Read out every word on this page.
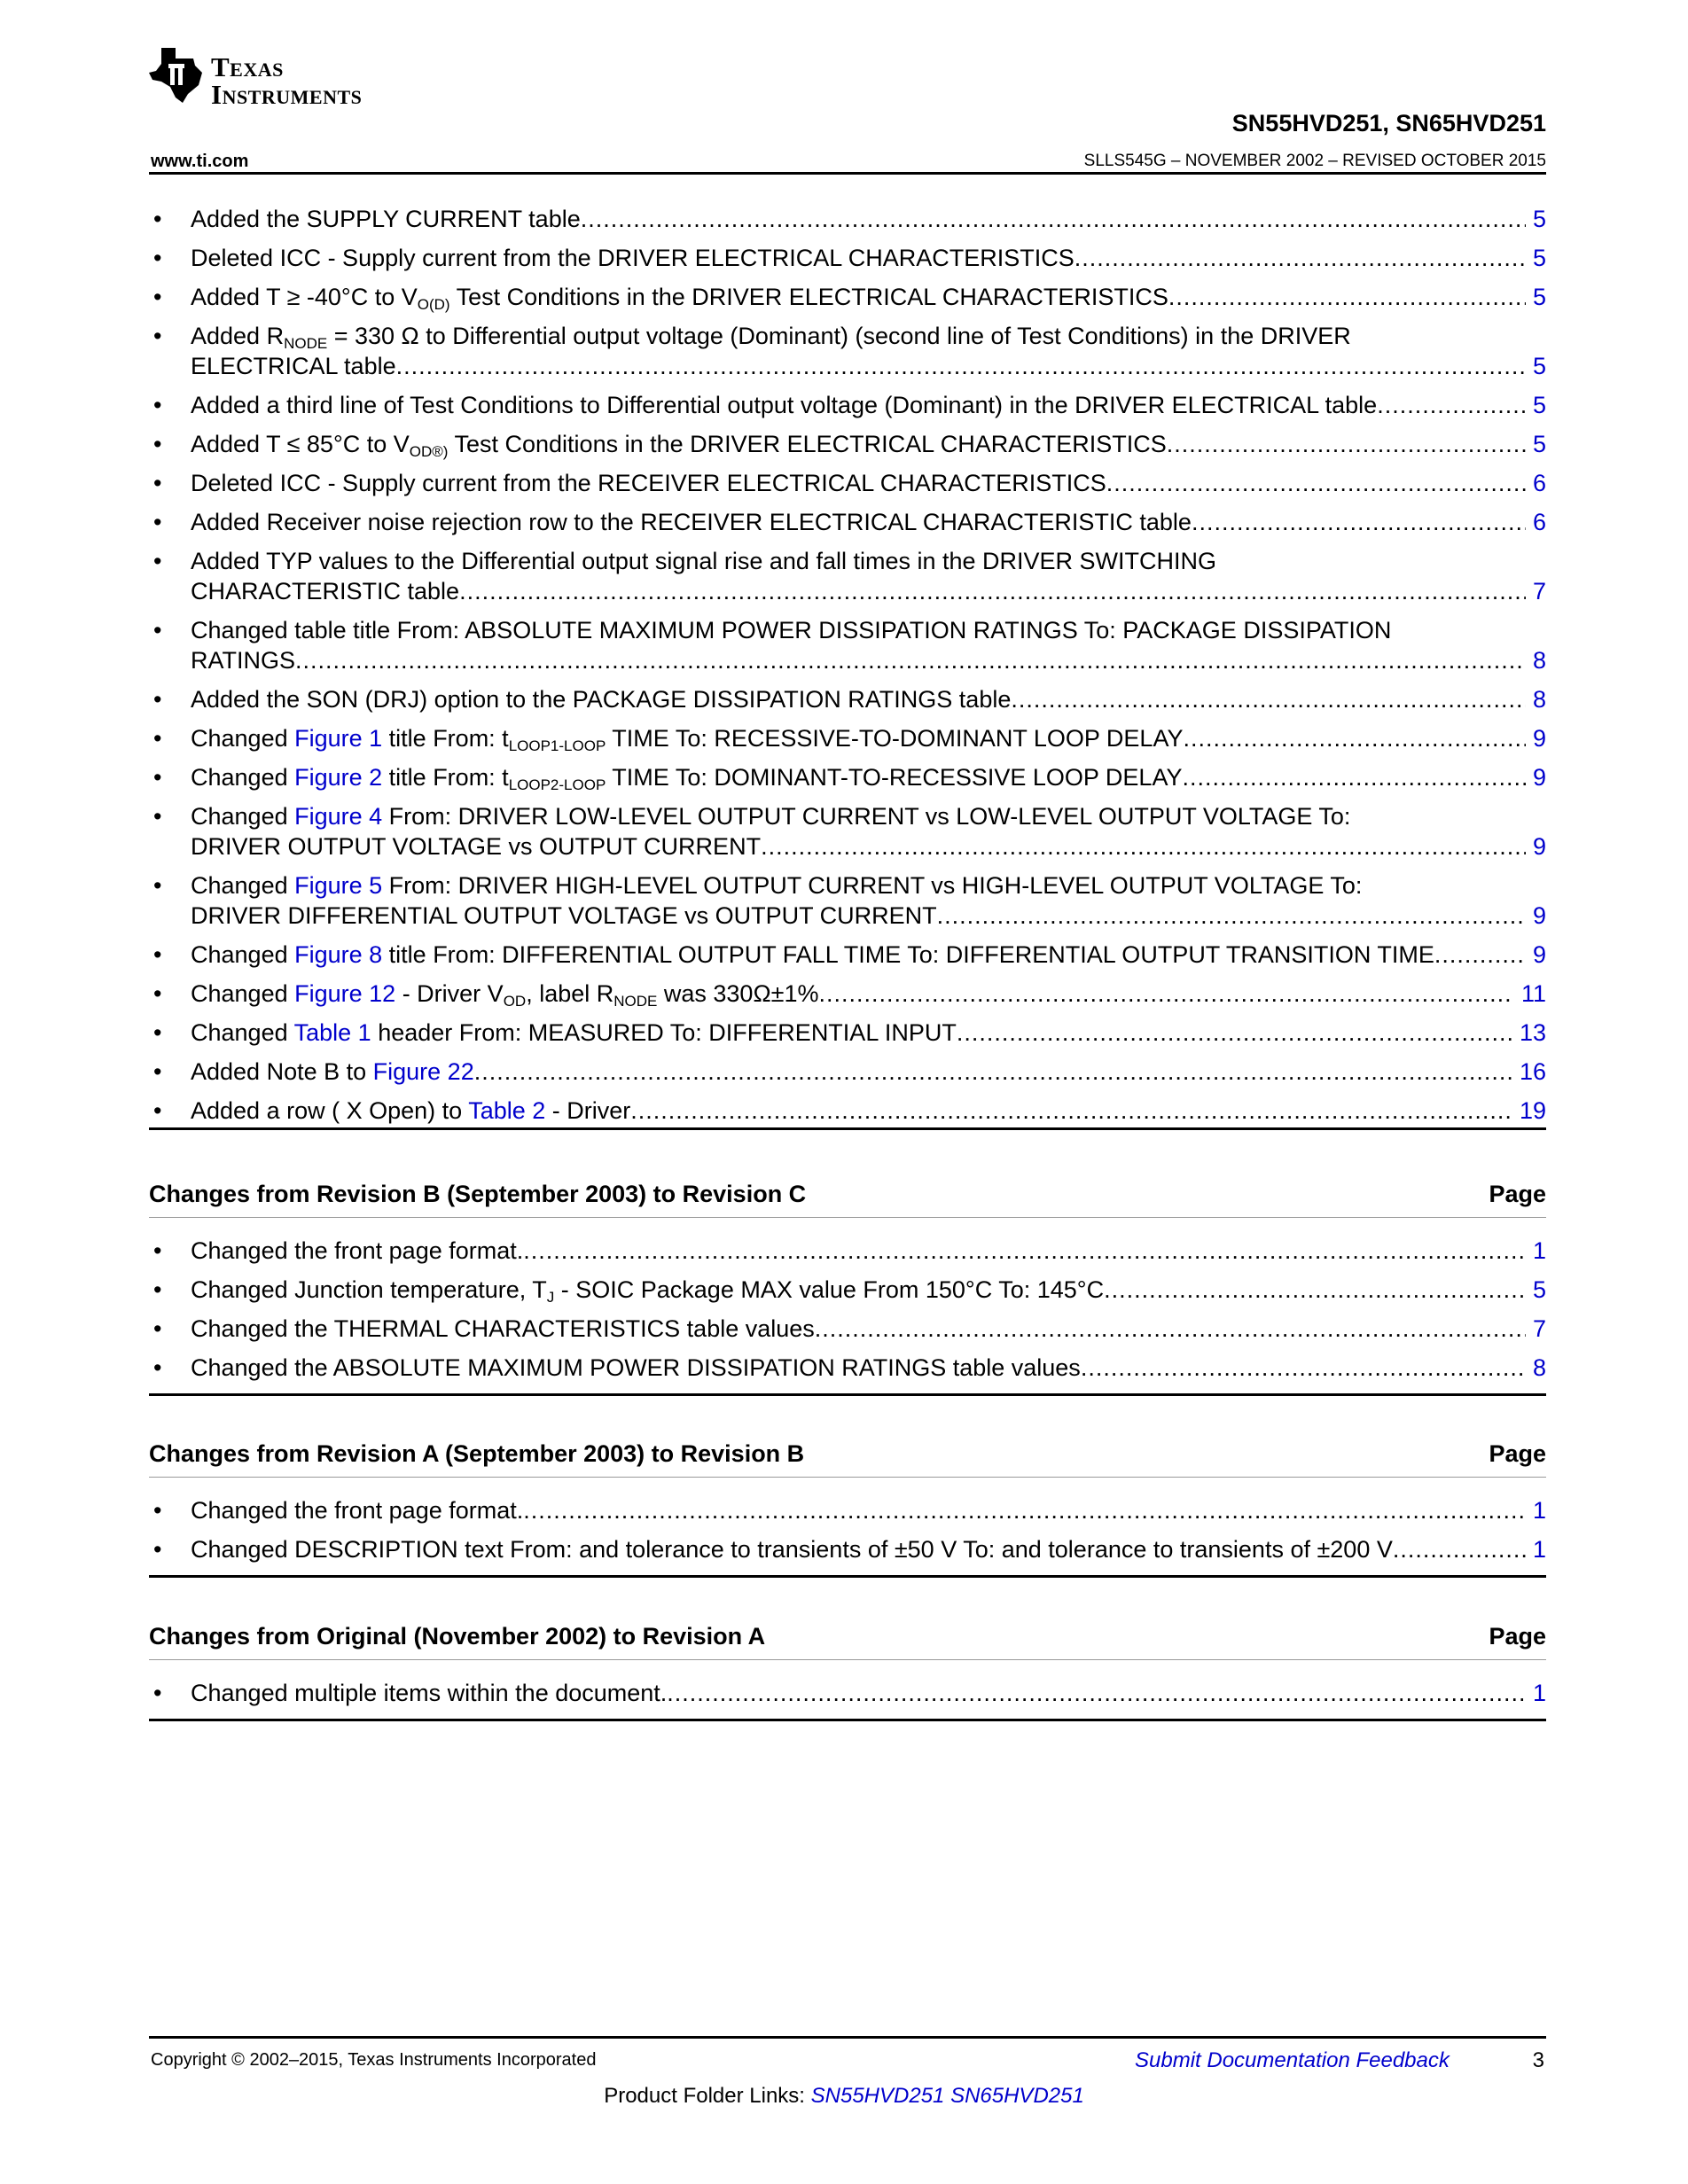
Texas
Instruments
SN55HVD251, SN65HVD251
www.ti.com	SLLS545G – NOVEMBER 2002 – REVISED OCTOBER 2015
• Added the SUPPLY CURRENT table .....	5
• Deleted ICC - Supply current from the DRIVER ELECTRICAL CHARACTERISTICS .....	5
• Added T ≥ -40°C to $V_{O(D)}$ Test Conditions in the DRIVER ELECTRICAL CHARACTERISTICS .....	5
• Added $R_{NODE} = 330$ Ω to Differential output voltage (Dominant) (second line of Test Conditions) in the DRIVER
ELECTRICAL table .....	5
• Added a third line of Test Conditions to Differential output voltage (Dominant) in the DRIVER ELECTRICAL table .....	5
• Added T ≤ 85°C to $V_{OD®)}$ Test Conditions in the DRIVER ELECTRICAL CHARACTERISTICS .....	5
• Deleted ICC - Supply current from the RECEIVER ELECTRICAL CHARACTERISTICS .....	6
• Added Receiver noise rejection row to the RECEIVER ELECTRICAL CHARACTERISTIC table .....	6
• Added TYP values to the Differential output signal rise and fall times in the DRIVER SWITCHING
CHARACTERISTIC table .....	7
• Changed table title From: ABSOLUTE MAXIMUM POWER DISSIPATION RATINGS To: PACKAGE DISSIPATION
RATINGS .....	8
• Added the SON (DRJ) option to the PACKAGE DISSIPATION RATINGS table .....	8
• Changed Figure 1 title From: $t_{LOOP1-LOOP}$ TIME To: RECESSIVE-TO-DOMINANT LOOP DELAY .....	9
• Changed Figure 2 title From: $t_{LOOP2-LOOP}$ TIME To: DOMINANT-TO-RECESSIVE LOOP DELAY .....	9
• Changed Figure 4 From: DRIVER LOW-LEVEL OUTPUT CURRENT vs LOW-LEVEL OUTPUT VOLTAGE To:
DRIVER OUTPUT VOLTAGE vs OUTPUT CURRENT .....	9
• Changed Figure 5 From: DRIVER HIGH-LEVEL OUTPUT CURRENT vs HIGH-LEVEL OUTPUT VOLTAGE To:
DRIVER DIFFERENTIAL OUTPUT VOLTAGE vs OUTPUT CURRENT .....	9
• Changed Figure 8 title From: DIFFERENTIAL OUTPUT FALL TIME To: DIFFERENTIAL OUTPUT TRANSITION TIME .....	9
• Changed Figure 12 - Driver $V_{OD}$, label $R_{NODE}$ was 330Ω±1% .....	11
• Changed Table 1 header From: MEASURED To: DIFFERENTIAL INPUT .....	13
• Added Note B to Figure 22 .....	16
• Added a row ( X Open) to Table 2 - Driver .....	19
Changes from Revision B (September 2003) to Revision C	Page
• Changed the front page format. .....	1
• Changed Junction temperature, $T_J$ - SOIC Package MAX value From 150°C To: 145°C .....	5
• Changed the THERMAL CHARACTERISTICS table values .....	7
• Changed the ABSOLUTE MAXIMUM POWER DISSIPATION RATINGS table values .....	8
Changes from Revision A (September 2003) to Revision B	Page
• Changed the front page format. .....	1
• Changed DESCRIPTION text From: and tolerance to transients of ±50 V To: and tolerance to transients of ±200 V .....	1
Changes from Original (November 2002) to Revision A	Page
• Changed multiple items within the document. .....	1
Copyright © 2002–2015, Texas Instruments Incorporated	Submit Documentation Feedback	3
Product Folder Links: SN55HVD251 SN65HVD251
